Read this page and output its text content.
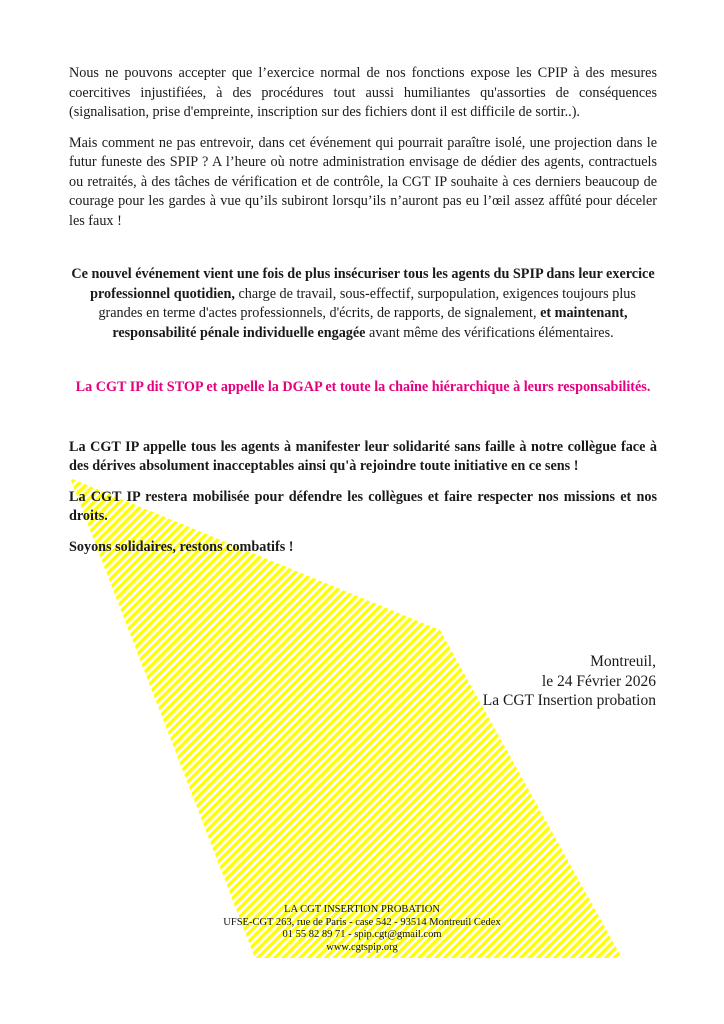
Nous ne pouvons accepter que l’exercice normal de nos fonctions expose les CPIP à des mesures coercitives injustifiées, à des procédures tout aussi humiliantes qu'assorties de conséquences (signalisation, prise d'empreinte, inscription sur des fichiers dont il est difficile de sortir..).

Mais comment ne pas entrevoir, dans cet événement qui pourrait paraître isolé, une projection dans le futur funeste des SPIP ? A l’heure où notre administration envisage de dédier des agents, contractuels ou retraités, à des tâches de vérification et de contrôle, la CGT IP souhaite à ces derniers beaucoup de courage pour les gardes à vue qu’ils subiront lorsqu’ils n’auront pas eu l’œil assez affûté pour déceler les faux !

Ce nouvel événement vient une fois de plus insécuriser tous les agents du SPIP dans leur exercice professionnel quotidien, charge de travail, sous-effectif, surpopulation, exigences toujours plus grandes en terme d'actes professionnels, d'écrits, de rapports, de signalement, et maintenant, responsabilité pénale individuelle engagée avant même des vérifications élémentaires.

La CGT IP dit STOP et appelle la DGAP et toute la chaîne hiérarchique à leurs responsabilités.

La CGT IP appelle tous les agents à manifester leur solidarité sans faille à notre collègue face à des dérives absolument inacceptables ainsi qu'à rejoindre toute initiative en ce sens !

La CGT IP restera mobilisée pour défendre les collègues et faire respecter nos missions et nos droits.

Soyons solidaires, restons combatifs !

Montreuil,
le 24 Février 2026
La CGT Insertion probation
LA CGT INSERTION PROBATION
UFSE-CGT 263, rue de Paris - case 542 - 93514 Montreuil Cedex
01 55 82 89 71 - spip.cgt@gmail.com
www.cgtspip.org
